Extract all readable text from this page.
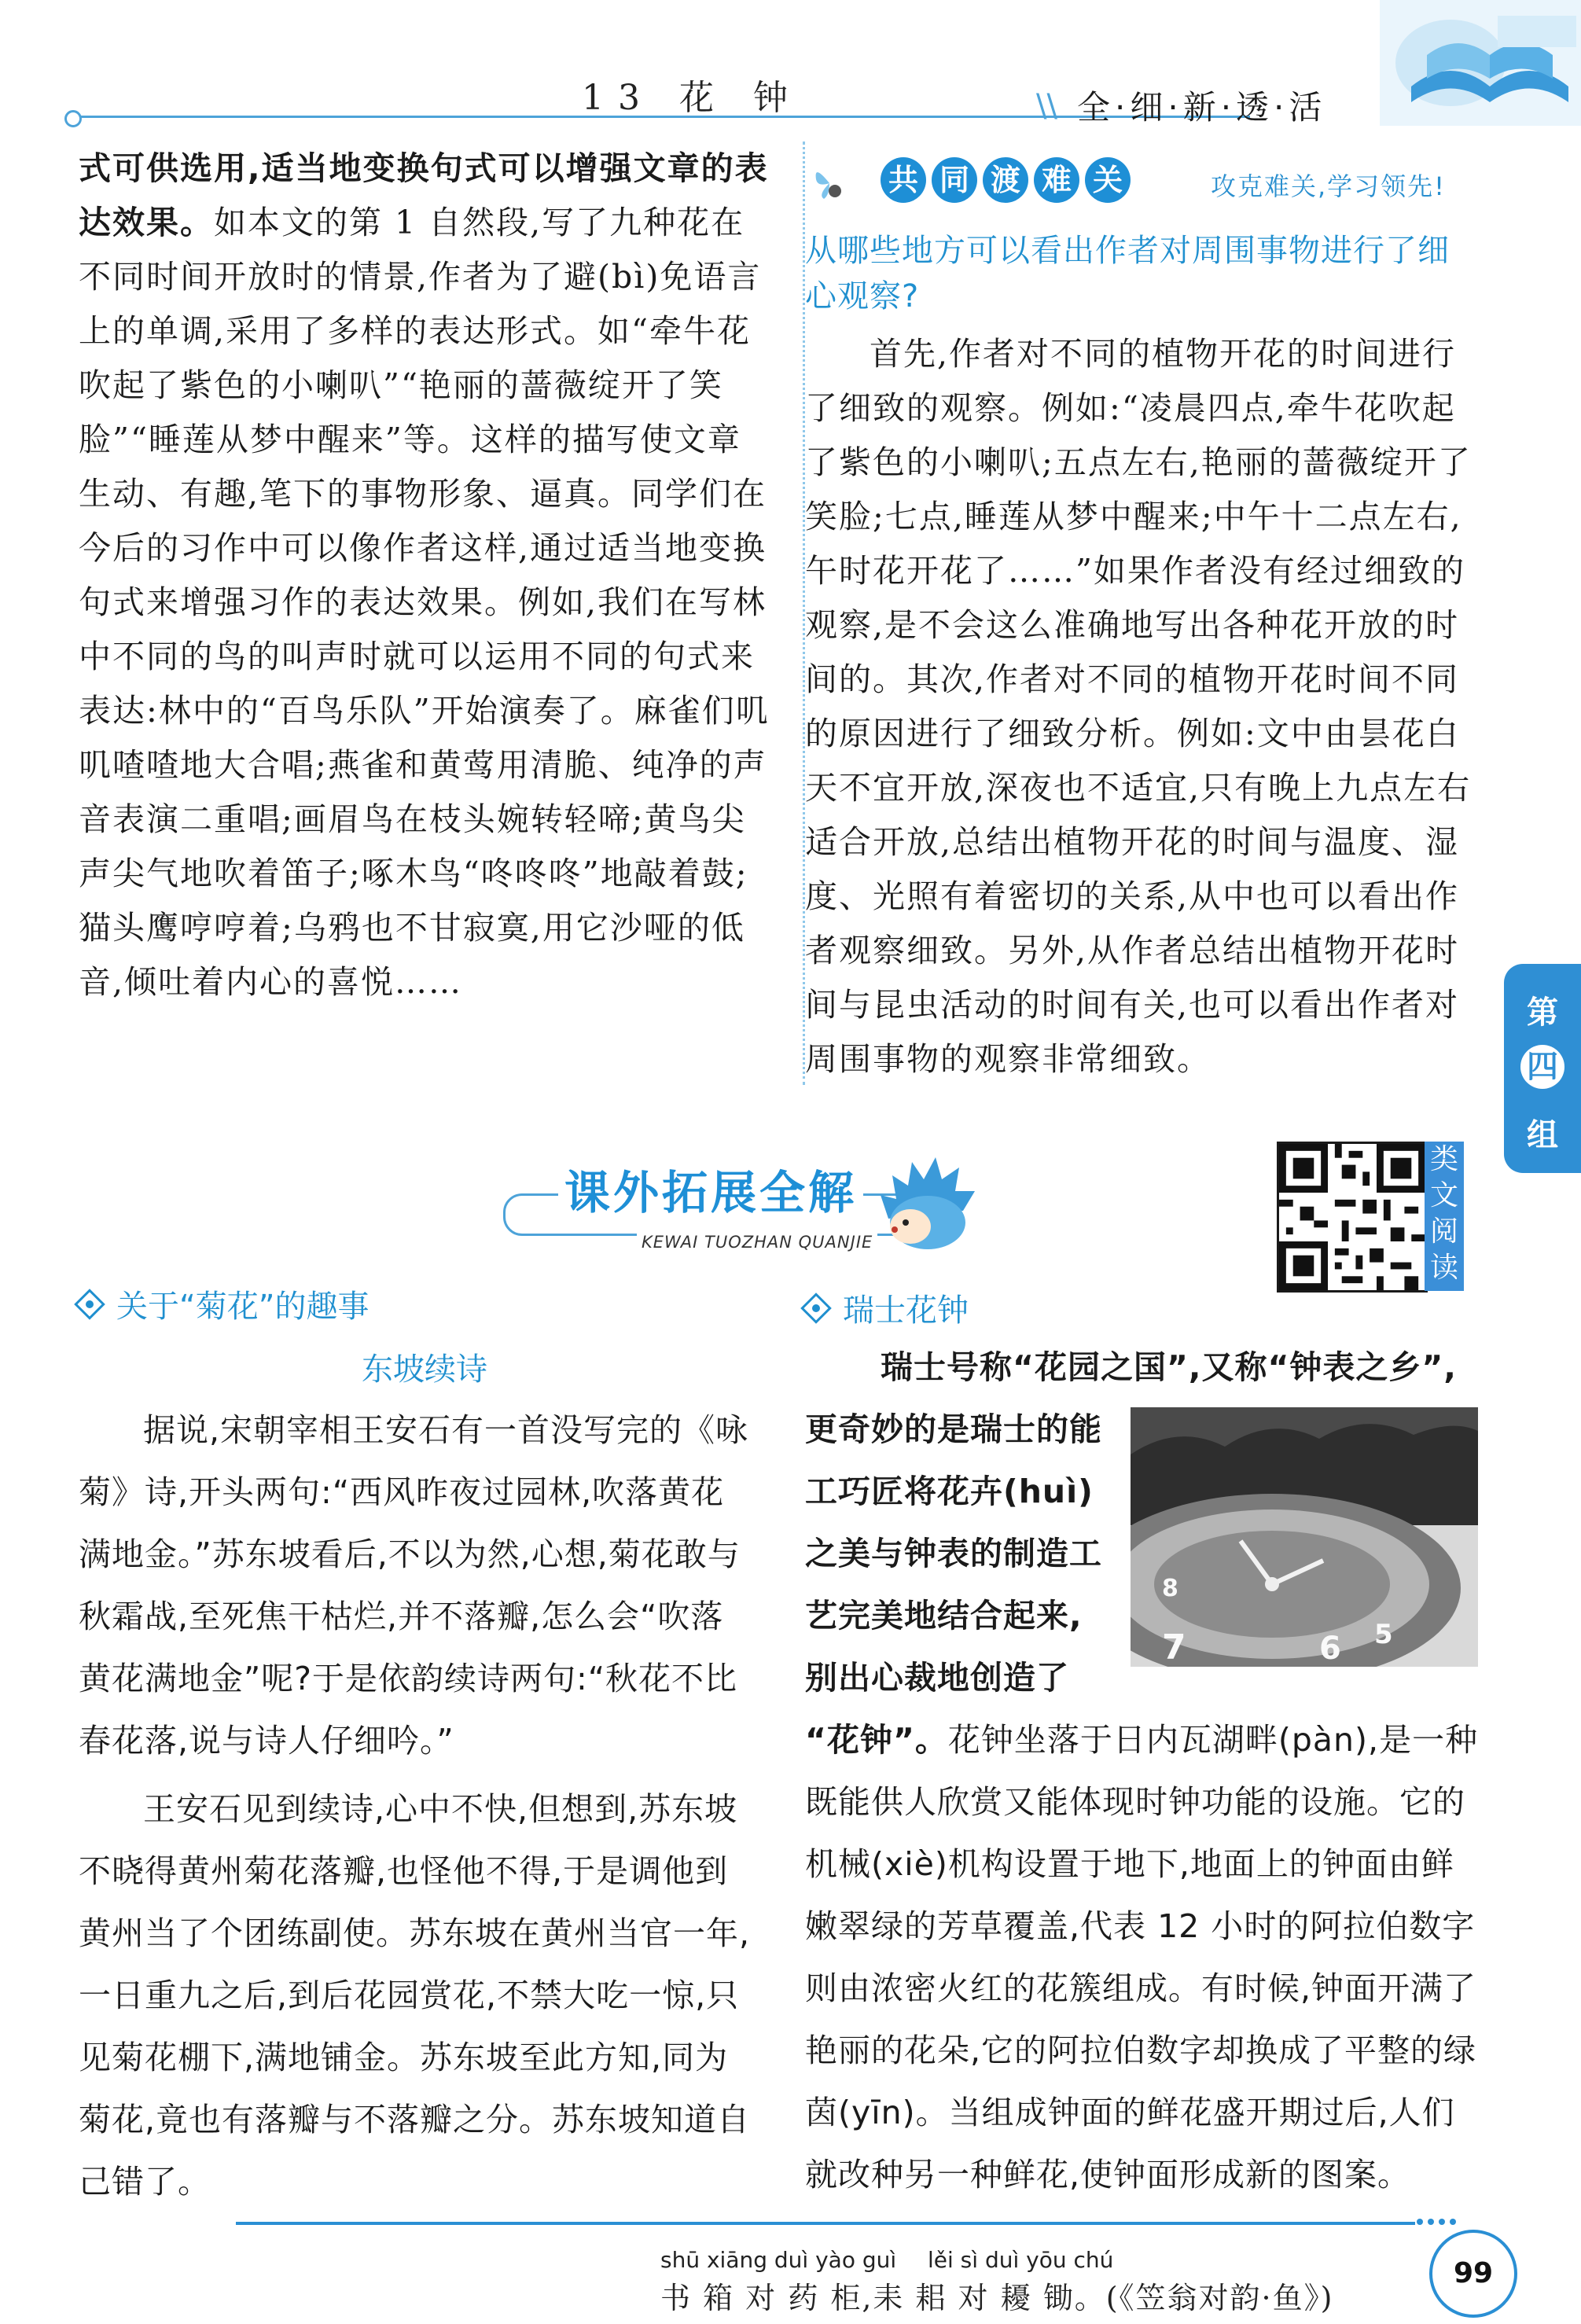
13 花 钟	\\ 全·细·新·透·活

式可供选用,适当地变换句式可以增强文章的表达效果。如本文的第 1 自然段,写了九种花在不同时间开放时的情景,作者为了避(bì)免语言上的单调,采用了多样的表达形式。如“牵牛花吹起了紫色的小喇叭”“艳丽的蔷薇绽开了笑脸”“睡莲从梦中醒来”等。这样的描写使文章生动、有趣,笔下的事物形象、逼真。同学们在今后的习作中可以像作者这样,通过适当地变换句式来增强习作的表达效果。例如,我们在写林中不同的鸟的叫声时就可以运用不同的句式来表达:林中的“百鸟乐队”开始演奏了。麻雀们叽叽喳喳地大合唱;燕雀和黄莺用清脆、纯净的声音表演二重唱;画眉鸟在枝头婉转轻啼;黄鸟尖声尖气地吹着笛子;啄木鸟“咚咚咚”地敲着鼓;猫头鹰哼哼着;乌鸦也不甘寂寞,用它沙哑的低音,倾吐着内心的喜悦……

共 同 渡 难 关	攻克难关,学习领先!
从哪些地方可以看出作者对周围事物进行了细心观察?

首先,作者对不同的植物开花的时间进行了细致的观察。例如:“凌晨四点,牵牛花吹起了紫色的小喇叭;五点左右,艳丽的蔷薇绽开了笑脸;七点,睡莲从梦中醒来;中午十二点左右,午时花开花了……”如果作者没有经过细致的观察,是不会这么准确地写出各种花开放的时间的。其次,作者对不同的植物开花时间不同的原因进行了细致分析。例如:文中由昙花白天不宜开放,深夜也不适宜,只有晚上九点左右适合开放,总结出植物开花的时间与温度、湿度、光照有着密切的关系,从中也可以看出作者观察细致。另外,从作者总结出植物开花时间与昆虫活动的时间有关,也可以看出作者对周围事物的观察非常细致。

第
四
组
课外拓展全解
KEWAI TUOZHAN QUANJIE
类
文
阅
读
关于“菊花”的趣事
东坡续诗

据说,宋朝宰相王安石有一首没写完的《咏菊》诗,开头两句:“西风昨夜过园林,吹落黄花满地金。”苏东坡看后,不以为然,心想,菊花敢与秋霜战,至死焦干枯烂,并不落瓣,怎么会“吹落黄花满地金”呢?于是依韵续诗两句:“秋花不比春花落,说与诗人仔细吟。”

王安石见到续诗,心中不快,但想到,苏东坡不晓得黄州菊花落瓣,也怪他不得,于是调他到黄州当了个团练副使。苏东坡在黄州当官一年,一日重九之后,到后花园赏花,不禁大吃一惊,只见菊花棚下,满地铺金。苏东坡至此方知,同为菊花,竟也有落瓣与不落瓣之分。苏东坡知道自己错了。

瑞士花钟
瑞士号称“花园之国”,又称“钟表之乡”,

更奇妙的是瑞士的能

工巧匠将花卉(huì)

之美与钟表的制造工

艺完美地结合起来,

别出心裁地创造了

8
7	6 5

“花钟”。花钟坐落于日内瓦湖畔(pàn),是一种既能供人欣赏又能体现时钟功能的设施。它的机械(xiè)机构设置于地下,地面上的钟面由鲜嫩翠绿的芳草覆盖,代表 12 小时的阿拉伯数字则由浓密火红的花簇组成。有时候,钟面开满了艳丽的花朵,它的阿拉伯数字却换成了平整的绿茵(yīn)。当组成钟面的鲜花盛开期过后,人们就改种另一种鲜花,使钟面形成新的图案。

shū xiāng duì yào guì lěi sì duì yōu chú
书 箱 对 药 柜,耒 耜 对 耰 锄。(《笠翁对韵·鱼》)
99
